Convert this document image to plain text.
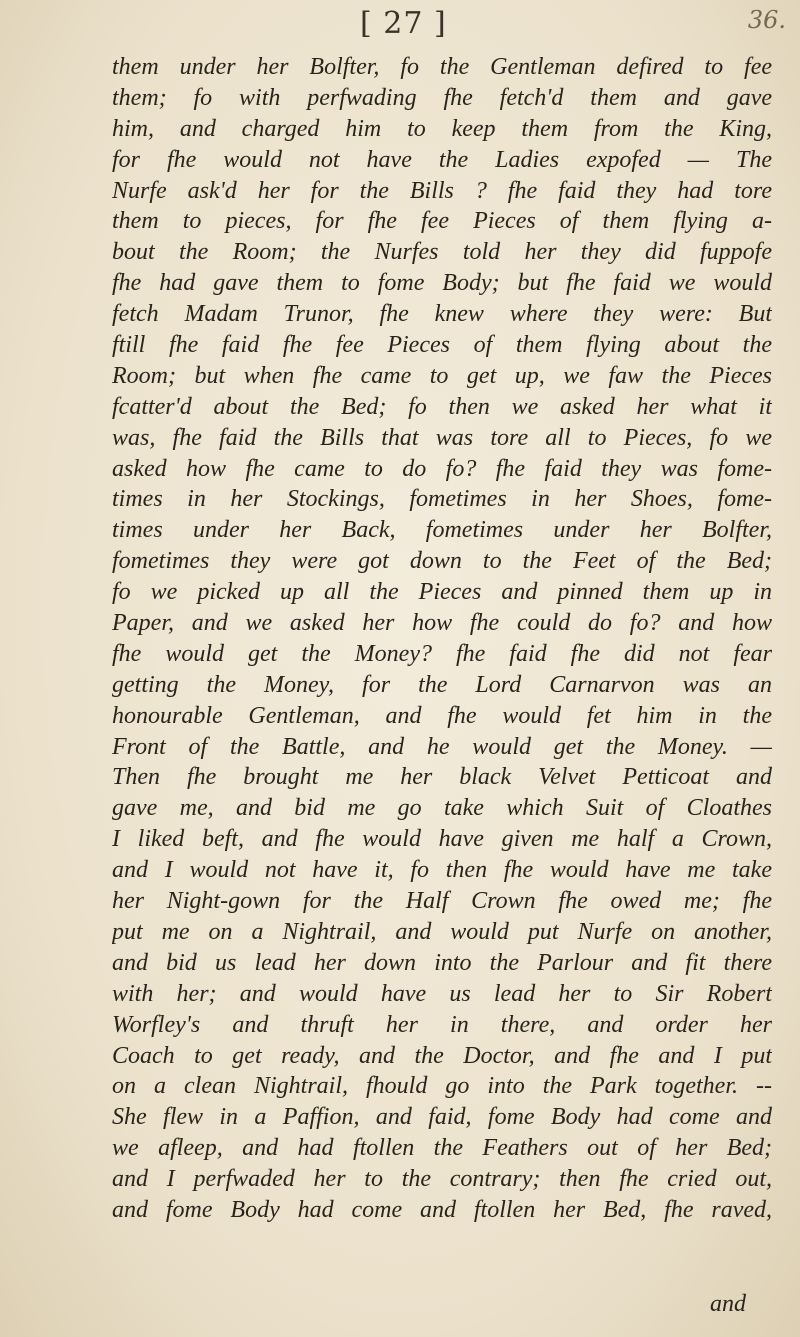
[ 27 ]	36.
them under her Bolfter, fo the Gentleman defired to fee
them; fo with perfwading fhe fetch'd them and gave
him, and charged him to keep them from the King,
for fhe would not have the Ladies expofed — The
Nurfe ask'd her for the Bills ? fhe faid they had tore
them to pieces, for fhe fee Pieces of them flying a-
bout the Room; the Nurfes told her they did fuppofe
fhe had gave them to fome Body; but fhe faid we would
fetch Madam Trunor, fhe knew where they were: But
ftill fhe faid fhe fee Pieces of them flying about the
Room; but when fhe came to get up, we faw the Pieces
fcatter'd about the Bed; fo then we asked her what it
was, fhe faid the Bills that was tore all to Pieces, fo we
asked how fhe came to do fo? fhe faid they was fome-
times in her Stockings, fometimes in her Shoes, fome-
times under her Back, fometimes under her Bolfter,
fometimes they were got down to the Feet of the Bed;
fo we picked up all the Pieces and pinned them up in
Paper, and we asked her how fhe could do fo? and how
fhe would get the Money? fhe faid fhe did not fear
getting the Money, for the Lord Carnarvon was an
honourable Gentleman, and fhe would fet him in the
Front of the Battle, and he would get the Money. —
Then fhe brought me her black Velvet Petticoat and
gave me, and bid me go take which Suit of Cloathes
I liked beft, and fhe would have given me half a Crown,
and I would not have it, fo then fhe would have me take
her Night-gown for the Half Crown fhe owed me; fhe
put me on a Nightrail, and would put Nurfe on another,
and bid us lead her down into the Parlour and fit there
with her; and would have us lead her to Sir Robert
Worfley's and thruft her in there, and order her
Coach to get ready, and the Doctor, and fhe and I put
on a clean Nightrail, fhould go into the Park together. --
She flew in a Paffion, and faid, fome Body had come and
we afleep, and had ftollen the Feathers out of her Bed;
and I perfwaded her to the contrary; then fhe cried out,
and fome Body had come and ftollen her Bed, fhe raved,
and
